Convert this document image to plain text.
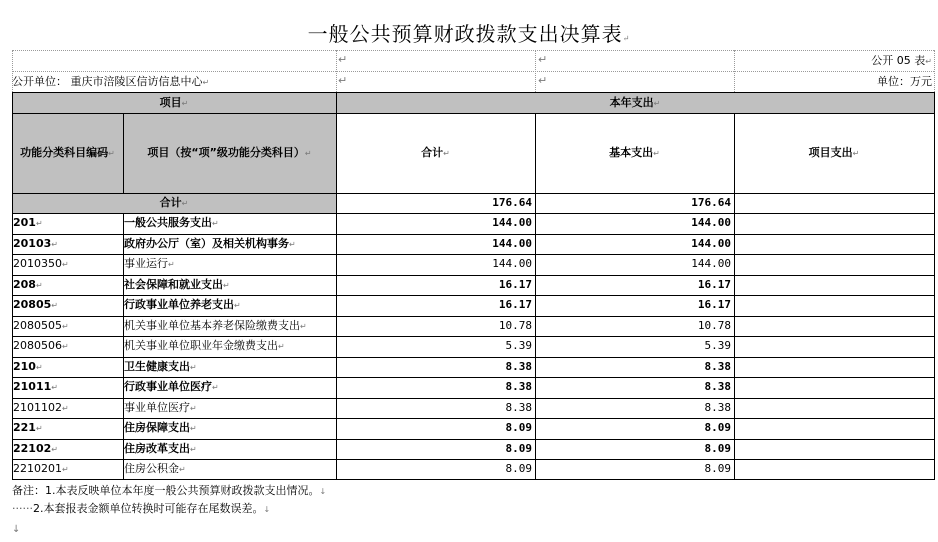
一般公共预算财政拨款支出决算表↵
↵	↵
↵	↵
公开 05 表↵
公开单位： 重庆市涪陵区信访信息中心↵	单位：万元
项目↵	本年支出↵
功能分类科目编码↵	项目（按“项”级功能分类科目）↵	合计↵	基本支出↵	项目支出↵
合计↵	176.64	176.64
201↵	一般公共服务支出↵	144.00	144.00
20103↵	政府办公厅（室）及相关机构事务↵	144.00	144.00
2010350↵	事业运行↵	144.00	144.00
208↵	社会保障和就业支出↵	16.17	16.17
20805↵	行政事业单位养老支出↵	16.17	16.17
2080505↵	机关事业单位基本养老保险缴费支出↵	10.78	10.78
2080506↵	机关事业单位职业年金缴费支出↵	5.39	5.39
210↵	卫生健康支出↵	8.38	8.38
21011↵	行政事业单位医疗↵	8.38	8.38
2101102↵	事业单位医疗↵	8.38	8.38
221↵	住房保障支出↵	8.09	8.09
22102↵	住房改革支出↵	8.09	8.09
2210201↵	住房公积金↵	8.09	8.09
备注：1.本表反映单位本年度一般公共预算财政拨款支出情况。↓
······2.本套报表金额单位转换时可能存在尾数误差。↓
↓
